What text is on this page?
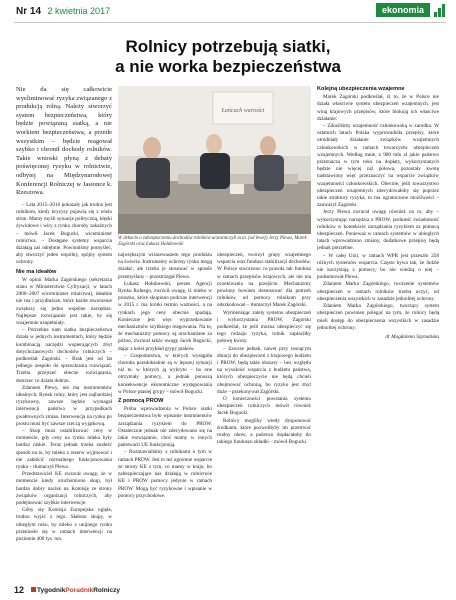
Nr 14 2 kwietnia 2017	ekonomia
Rolnicy potrzebują siatki,
a nie worka bezpieczeństwa

Nie da się całkowicie wyeliminować ryzyka związanego z produkcją rolną. Należy stworzyć system bezpieczeństwa, który będzie powiązaną siatką, a nie workiem bezpieczeństwa, a przede wszystkim – będzie reagował szybko i chronił dochody rolników. Takie wnioski płyną z debaty poświęconej ryzyku w rolnictwie, odbytej na Międzynarodowej Konferencji Rolniczej w Jasionce k. Rzeszowa.

– Lata 2015–2016 pokazały jak trudno jest rolnikom, kiedy kryzysy pojawią się z wielu stron. Mamy myśli sytuacje polityczną, klęski żywiołowe i wiry z rynku choroby zakaźnych – mówił Jacek Bogucki, wiceminister rolnictwa. – Dostępne systemy wsparcia działają zaś odrębnie. Powinniśmy pomyśleć, aby stworzyć jeden wspólny, spójny system ochrony.

Nie ma ideałów

W opinii Marka Zagórskiego (sekretarza stanu w Ministerstwie Cyfryzacji, w latach 2006–2007 wiceminister rolnictwa), ideałnie nie ma i przydłuższe, które każde stworzenie zwiększy się jedno wspólne narzędzie. Najlepsze rozwiązanie jest takie, by się wzajemnie uzupełniały.

– Potrzebna nam siatka bezpieczeństwa działa w jednych instrumentach, który będzie kombinacją narzędzi wspierających zbyt dotychczasowych dochodów rolniczych – podkreślał Zagórski. – Brak jest od lat jednego zespołu do sprawdzania rozwiązań. Trzeba przejrzeć obecne rozwiązania, dostrzec co działa dobrze.

Zdaniem Plewy, nie ma instrumentów idealnych. Rynek rolny, który jest najbardziej ryzykowny, zawsze będzie wymagał interwencji państwa w przypadkach gwałtownych zmian. Interwencja na rynku po prostu musi być zawsze rzeczą wyjątkową.

– Skup musi ustabilizować ceny w momencie, gdy ceny na rynku mleka były bardzo niskie. Teraz jednak trzeba znaleźć sposób na to, by mleko z rezerw wyjmować i nie zakłócić normalnego funkcjonowania rynku – tłumaczył Plewa.

Przedstawiciel KE zwracał uwagę, że w momencie kiedy uruchomiono skup, był bardzo dobry nacisk na Komisję ze strony związków organizacji rolniczych, aby podejmować szybkie interwencje.

Góby się Komisja Europejska ugięła, trudno wyjść z tego. Słabsze skupy, w ubiegłym roku, by mleko z unijnego rynku przeniosło się w ramach interwencji na poziomie 400 tys. ton.

Łańcuch wartości
W debacie o zabezpieczeniu dochodów rolników uczestniczyli m.in. (od lewej) Jerzy Plewa, Marek Zagórski oraz Łukasz Hołubowski

największym wiśniewaszem tego produktu na świecie. Instrumenty ochrony rynku mogą działać, ale trzeba je stosować w sposób przemyślany – przestrzegał Plewa.

Łukasz Hołubowski, prezes Agencji Rynku Rolnego, zwrócił uwagę, iż mleko w proszku, które skupiono podczas interwencji w 2015 r. ma krótki termin ważności, a na rynkach jego ceny obecnie spadają. Konieczne jest więc wyprzedawanie mechanizmów szybkiego reagowania. Na to, że mechanizmy pomocy są uruchamiane za późno, zwracał także uwagę Jacek Bogucki, dając z kolei przykład grypy ptaków.

– Gospodarstwa, w których wystąpiła choroba paradoksalnie są w lepszej sytuacji niż te, w których ją wykryto – bo one otrzymały pomocy, a jednak ponoszą konsekwencje ekonomiczne występowania w Polsce ptasiej grypy – mówił Bogucki.

Z pomocą PROW

Próba wprowadzenia w Polsce siatki bezpieczeństwa było wpisanie instrumentów zarządzania ryzykiem do PROW. Ostatecznie jednak nie zdecydowano się na takie rozwiązanie, choć mamy w innych państwach UE funkcjonują.

– Rozmawialiśmy z rolnikami o tym w ramach PROW. Jest to też ogromne wsparcie ze strony KE z tym, co mamy w kraju, bo zabezpieczające nas działają w rolnictwie KE i PROW pomocy jedynie w ramach PROW. Mogą być ryzykowne i wpisanie w pomocy przychodowe.

ubezpieczeń, tworzył grupy wzajemnego wsparcia oraz fundusz stabilizacji dochodów. W Polsce stworzono co prawda tak fundusz w ramach przepisów krajowych, ale nie ma oczekiwania na przejście. Mechanizmy powinny bowiem dostosować dla potrzeb rolników, od pomocy rolnikom przy odszkodowań – tłumaczył Marek Zagórski.

Wymieniając zalety systemu ubezpieczeń i wykorzystania PROW, Zagórski podkreślał, że jeśli można ubezpieczyć się tego rodzaju ryzyka, rolnik zapłaciłby połowę kwoty.

– Zawsze jednak, nawet przy rosnącym dotacji do ubezpieczeń z krajowego budżetu i PROW, będą takie obszary – bez względu na wysokość wsparcia z budżetu państwa, których ubezpieczycie nie będą chcieli obejmować ochroną, bo ryzyko jest zbyt duże – przekonywał Zagórski.

O konieczności powstania systemu ubezpieczeń rolniczych mówił również Jacek Bogucki.

Rolnicy mogliby wtedy dysponować środkami, które pozwoliłyby im przetrwać trudny okres, a państwo dopłacałoby do takiego funduszu składki – mówił Bogucki.

Kolejną ubezpieczenia wzajemne

Marek Zagórski podkreślał, iż to, że w Polsce nie działa właściwie system ubezpieczeń wzajemnych, jest winą krajowych przepisów, które blokują ich właściwe działanie:

– Zdusiliśmy wzajemność członkowską w zarodku. W ostatnich latach Polska wyprowadziła przepisy, które utrudniały działanie związków wzajemnych członkowskich w ramach towarzystw ubezpieczeń wzajemnych. Według mnie, z 900 mln zł jakie państwo przeznacza w tym roku na dopłaty, wykorzystanych będzie nie więcej niż połowa, pozostały kwotę nadstawiony więc przeznaczyć na wsparcie związków wzajemności członkowskich. Obecnie, jeśli towarzystwo ubezpieczeń wzajemnych zdecydowałoby się poprzez takie struktury ryzyka, to ma ograniczone możliwości – zauważył Zagórski.

Jerzy Plewa zwracał uwagę również na to, aby – wykorzystując narzędzia z PROW, podnieść świadomość rolników w kontekście zarządzania ryzykiem za pomocą ubezpieczeń. Ponieważ w ramach systemów w ubiegłych latach wprowadzono zmiany, dodatkowe przepisy będą jednak potrzebne.

– W całej Unii, w ramach WPR jest przeszło 258 różnych systemów wsparcia. Często bywa tak, że ludzie nie korzystają z pomocy, bo nie wiedzą o niej – podsumował Plewa.

Zdaniem Marka Zagórskiego, tworzenie systemów ubezpieczeń w ramach rolników trzeba uczyć, od ubezpieczenia wszystkich w zasadzie jednolitej ochrony.

Zdaniem Marka Zagórskiego, tworzący system ubezpieczeń powinien polegać na tym, że rolnicy będą mieli dostęp do ubezpieczenia wszystkich w zasadzie jednolitej ochrony.

dr Magdalena Szymańska
12	TygodnikPoradnikRolniczy
